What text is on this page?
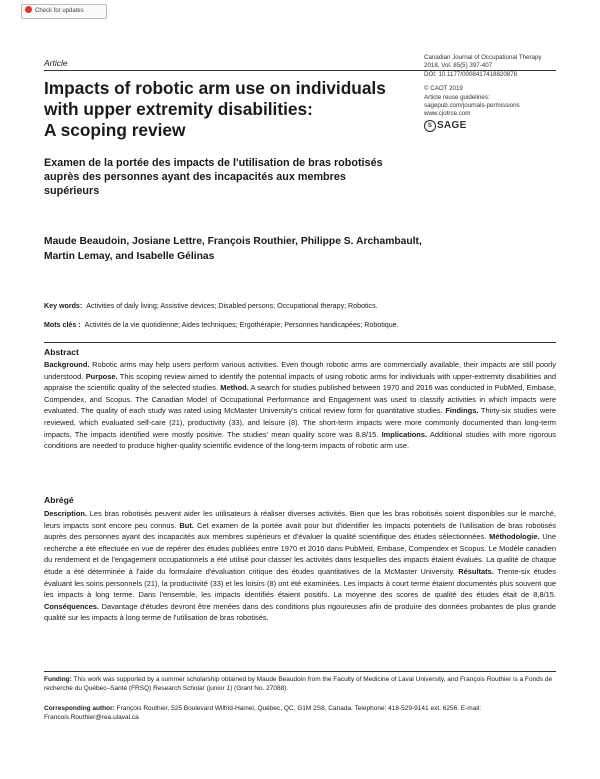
Check for updates
Article
Canadian Journal of Occupational Therapy
2018, Vol. 85(5) 397-407
DOI: 10.1177/0008417418820878
© CAOT 2019
Article reuse guidelines:
sagepub.com/journals-permissions
www.cjotrce.com
S SAGE
Impacts of robotic arm use on individuals
with upper extremity disabilities:
A scoping review
Examen de la portée des impacts de l'utilisation de bras robotisés
auprès des personnes ayant des incapacités aux membres
supérieurs
Maude Beaudoin, Josiane Lettre, François Routhier, Philippe S. Archambault,
Martin Lemay, and Isabelle Gélinas
Key words: Activities of daily living; Assistive devices; Disabled persons; Occupational therapy; Robotics.
Mots clés : Activités de la vie quotidienne; Aides techniques; Ergothérapie; Personnes handicapées; Robotique.
Abstract
Background. Robotic arms may help users perform various activities. Even though robotic arms are commercially available, their impacts are still poorly understood. Purpose. This scoping review aimed to identify the potential impacts of using robotic arms for individuals with upper-extremity disabilities and appraise the scientific quality of the selected studies. Method. A search for studies published between 1970 and 2016 was conducted in PubMed, Embase, Compendex, and Scopus. The Canadian Model of Occupational Performance and Engagement was used to classify activities in which impacts were evaluated. The quality of each study was rated using McMaster University's critical review form for quantitative studies. Findings. Thirty-six studies were reviewed, which evaluated self-care (21), productivity (33), and leisure (8). The short-term impacts were more commonly documented than long-term impacts. The impacts identified were mostly positive. The studies' mean quality score was 8.8/15. Implications. Additional studies with more rigorous conditions are needed to produce higher-quality scientific evidence of the long-term impacts of robotic arm use.
Abrégé
Description. Les bras robotisés peuvent aider les utilisateurs à réaliser diverses activités. Bien que les bras robotisés soient disponibles sur le marché, leurs impacts sont encore peu connus. But. Cet examen de la portée avait pour but d'identifier les impacts potentiels de l'utilisation de bras robotisés auprès des personnes ayant des incapacités aux membres supérieurs et d'évaluer la qualité scientifique des études sélectionnées. Méthodologie. Une recherche a été effectuée en vue de repérer des études publiées entre 1970 et 2016 dans PubMed, Embase, Compendex et Scopus. Le Modèle canadien du rendement et de l'engagement occupationnels a été utilisé pour classer les activités dans lesquelles des impacts étaient évalués. La qualité de chaque étude a été déterminée à l'aide du formulaire d'évaluation critique des études quantitatives de la McMaster University. Résultats. Trente-six études évaluant les soins personnels (21), la productivité (33) et les loisirs (8) ont été examinées. Les impacts à court terme étaient documentés plus souvent que les impacts à long terme. Dans l'ensemble, les impacts identifiés étaient positifs. La moyenne des scores de qualité des études était de 8,8/15. Conséquences. Davantage d'études devront être menées dans des conditions plus rigoureuses afin de produire des données probantes de plus grande qualité sur les impacts à long terme de l'utilisation de bras robotisés.
Funding: This work was supported by a summer scholarship obtained by Maude Beaudoin from the Faculty of Medicine of Laval University, and François Routhier is a Fonds de recherche du Québec–Santé (FRSQ) Research Scholar (junior 1) (Grant No. 27088).
Corresponding author: François Routhier, 525 Boulevard Wilfrid-Hamel, Québec, QC, G1M 2S8, Canada. Telephone: 418-529-9141 ext. 6256. E-mail: Francois.Routhier@rea.ulaval.ca
